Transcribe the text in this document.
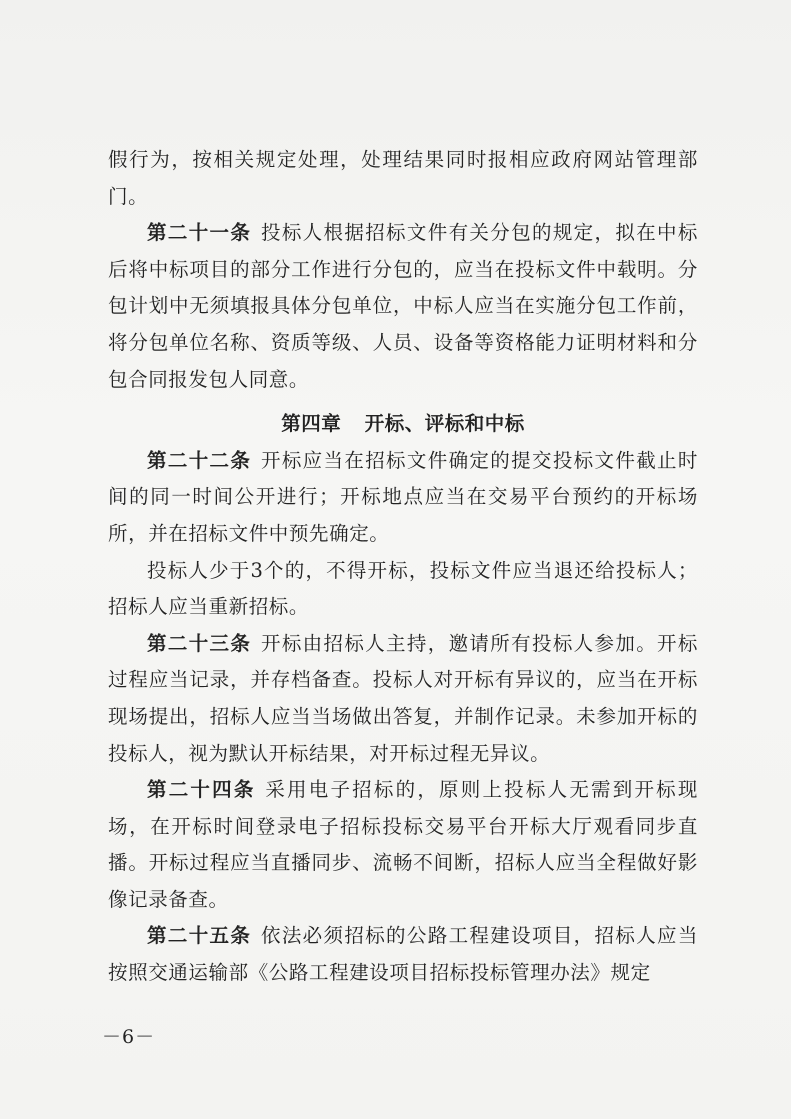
假行为，按相关规定处理，处理结果同时报相应政府网站管理部门。

第二十一条 投标人根据招标文件有关分包的规定，拟在中标后将中标项目的部分工作进行分包的，应当在投标文件中载明。分包计划中无须填报具体分包单位，中标人应当在实施分包工作前，将分包单位名称、资质等级、人员、设备等资格能力证明材料和分包合同报发包人同意。

第四章 开标、评标和中标

第二十二条 开标应当在招标文件确定的提交投标文件截止时间的同一时间公开进行；开标地点应当在交易平台预约的开标场所，并在招标文件中预先确定。

投标人少于3个的，不得开标，投标文件应当退还给投标人；招标人应当重新招标。

第二十三条 开标由招标人主持，邀请所有投标人参加。开标过程应当记录，并存档备查。投标人对开标有异议的，应当在开标现场提出，招标人应当当场做出答复，并制作记录。未参加开标的投标人，视为默认开标结果，对开标过程无异议。

第二十四条 采用电子招标的，原则上投标人无需到开标现场，在开标时间登录电子招标投标交易平台开标大厅观看同步直播。开标过程应当直播同步、流畅不间断，招标人应当全程做好影像记录备查。

第二十五条 依法必须招标的公路工程建设项目，招标人应当按照交通运输部《公路工程建设项目招标投标管理办法》规定

－6－
